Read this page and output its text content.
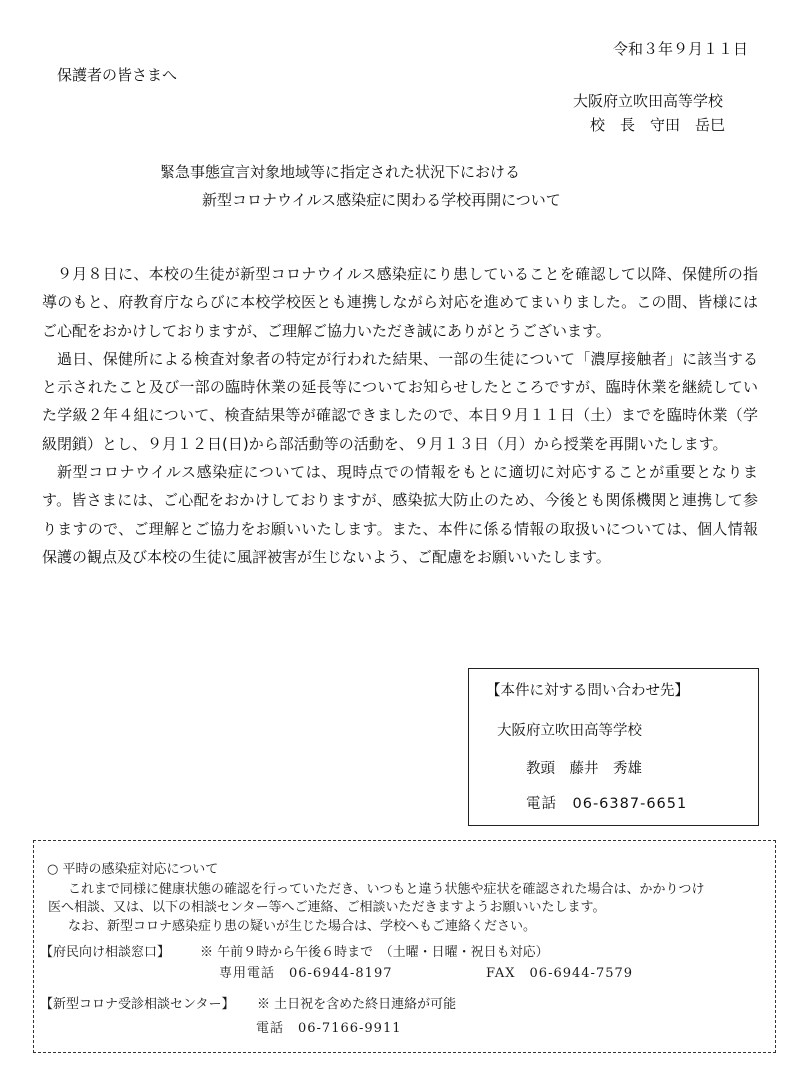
令和３年９月１１日
保護者の皆さまへ
大阪府立吹田高等学校
校　長　守田　岳巳
緊急事態宣言対象地域等に指定された状況下における
新型コロナウイルス感染症に関わる学校再開について

９月８日に、本校の生徒が新型コロナウイルス感染症にり患していることを確認して以降、保健所の指導のもと、府教育庁ならびに本校学校医とも連携しながら対応を進めてまいりました。この間、皆様にはご心配をおかけしておりますが、ご理解ご協力いただき誠にありがとうございます。

過日、保健所による検査対象者の特定が行われた結果、一部の生徒について「濃厚接触者」に該当すると示されたこと及び一部の臨時休業の延長等についてお知らせしたところですが、臨時休業を継続していた学級２年４組について、検査結果等が確認できましたので、本日９月１１日（土）までを臨時休業（学級閉鎖）とし、９月１２日(日)から部活動等の活動を、９月１３日（月）から授業を再開いたします。

新型コロナウイルス感染症については、現時点での情報をもとに適切に対応することが重要となります。皆さまには、ご心配をおかけしておりますが、感染拡大防止のため、今後とも関係機関と連携して参りますので、ご理解とご協力をお願いいたします。また、本件に係る情報の取扱いについては、個人情報保護の観点及び本校の生徒に風評被害が生じないよう、ご配慮をお願いいたします。

【本件に対する問い合わせ先】
大阪府立吹田高等学校
教頭　藤井　秀雄
電話　06-6387-6651
○ 平時の感染症対応について
これまで同様に健康状態の確認を行っていただき、いつもと違う状態や症状を確認された場合は、かかりつけ
医へ相談、又は、以下の相談センター等へご連絡、ご相談いただきますようお願いいたします。
なお、新型コロナ感染症り患の疑いが生じた場合は、学校へもご連絡ください。
【府民向け相談窓口】 ※ 午前９時から午後６時まで　（土曜・日曜・祝日も対応）
専用電話　06-6944-8197	FAX　06-6944-7579
【新型コロナ受診相談センター】 ※ 土日祝を含めた終日連絡が可能
電話　06-7166-9911
